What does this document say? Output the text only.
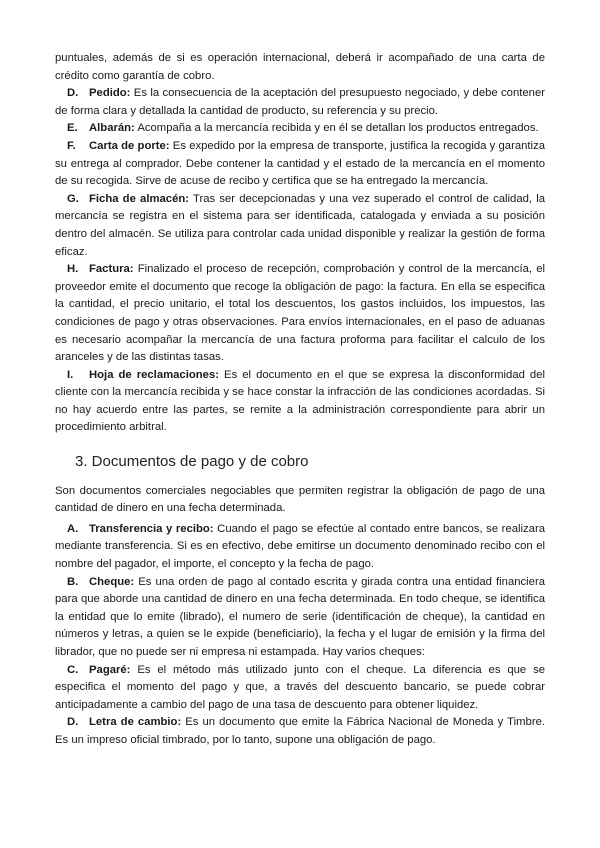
puntuales, además de si es operación internacional, deberá ir acompañado de una carta de crédito como garantía de cobro.

D. Pedido: Es la consecuencia de la aceptación del presupuesto negociado, y debe contener de forma clara y detallada la cantidad de producto, su referencia y su precio.

E. Albarán: Acompaña a la mercancía recibida y en él se detallan los productos entregados.

F. Carta de porte: Es expedido por la empresa de transporte, justifica la recogida y garantiza su entrega al comprador. Debe contener la cantidad y el estado de la mercancía en el momento de su recogida. Sirve de acuse de recibo y certifica que se ha entregado la mercancía.

G. Ficha de almacén: Tras ser decepcionadas y una vez superado el control de calidad, la mercancía se registra en el sistema para ser identificada, catalogada y enviada a su posición dentro del almacén. Se utiliza para controlar cada unidad disponible y realizar la gestión de forma eficaz.

H. Factura: Finalizado el proceso de recepción, comprobación y control de la mercancía, el proveedor emite el documento que recoge la obligación de pago: la factura. En ella se especifica la cantidad, el precio unitario, el total los descuentos, los gastos incluidos, los impuestos, las condiciones de pago y otras observaciones. Para envíos internacionales, en el paso de aduanas es necesario acompañar la mercancía de una factura proforma para facilitar el calculo de los aranceles y de las distintas tasas.

I. Hoja de reclamaciones: Es el documento en el que se expresa la disconformidad del cliente con la mercancía recibida y se hace constar la infracción de las condiciones acordadas. Si no hay acuerdo entre las partes, se remite a la administración correspondiente para abrir un procedimiento arbitral.

3. Documentos de pago y de cobro

Son documentos comerciales negociables que permiten registrar la obligación de pago de una cantidad de dinero en una fecha determinada.

A. Transferencia y recibo: Cuando el pago se efectúe al contado entre bancos, se realizara mediante transferencia. Si es en efectivo, debe emitirse un documento denominado recibo con el nombre del pagador, el importe, el concepto y la fecha de pago.

B. Cheque: Es una orden de pago al contado escrita y girada contra una entidad financiera para que aborde una cantidad de dinero en una fecha determinada. En todo cheque, se identifica la entidad que lo emite (librado), el numero de serie (identificación de cheque), la cantidad en números y letras, a quien se le expide (beneficiario), la fecha y el lugar de emisión y la firma del librador, que no puede ser ni empresa ni estampada. Hay varios cheques:

C. Pagaré: Es el método más utilizado junto con el cheque. La diferencia es que se especifica el momento del pago y que, a través del descuento bancario, se puede cobrar anticipadamente a cambio del pago de una tasa de descuento para obtener liquidez.

D. Letra de cambio: Es un documento que emite la Fábrica Nacional de Moneda y Timbre. Es un impreso oficial timbrado, por lo tanto, supone una obligación de pago.
